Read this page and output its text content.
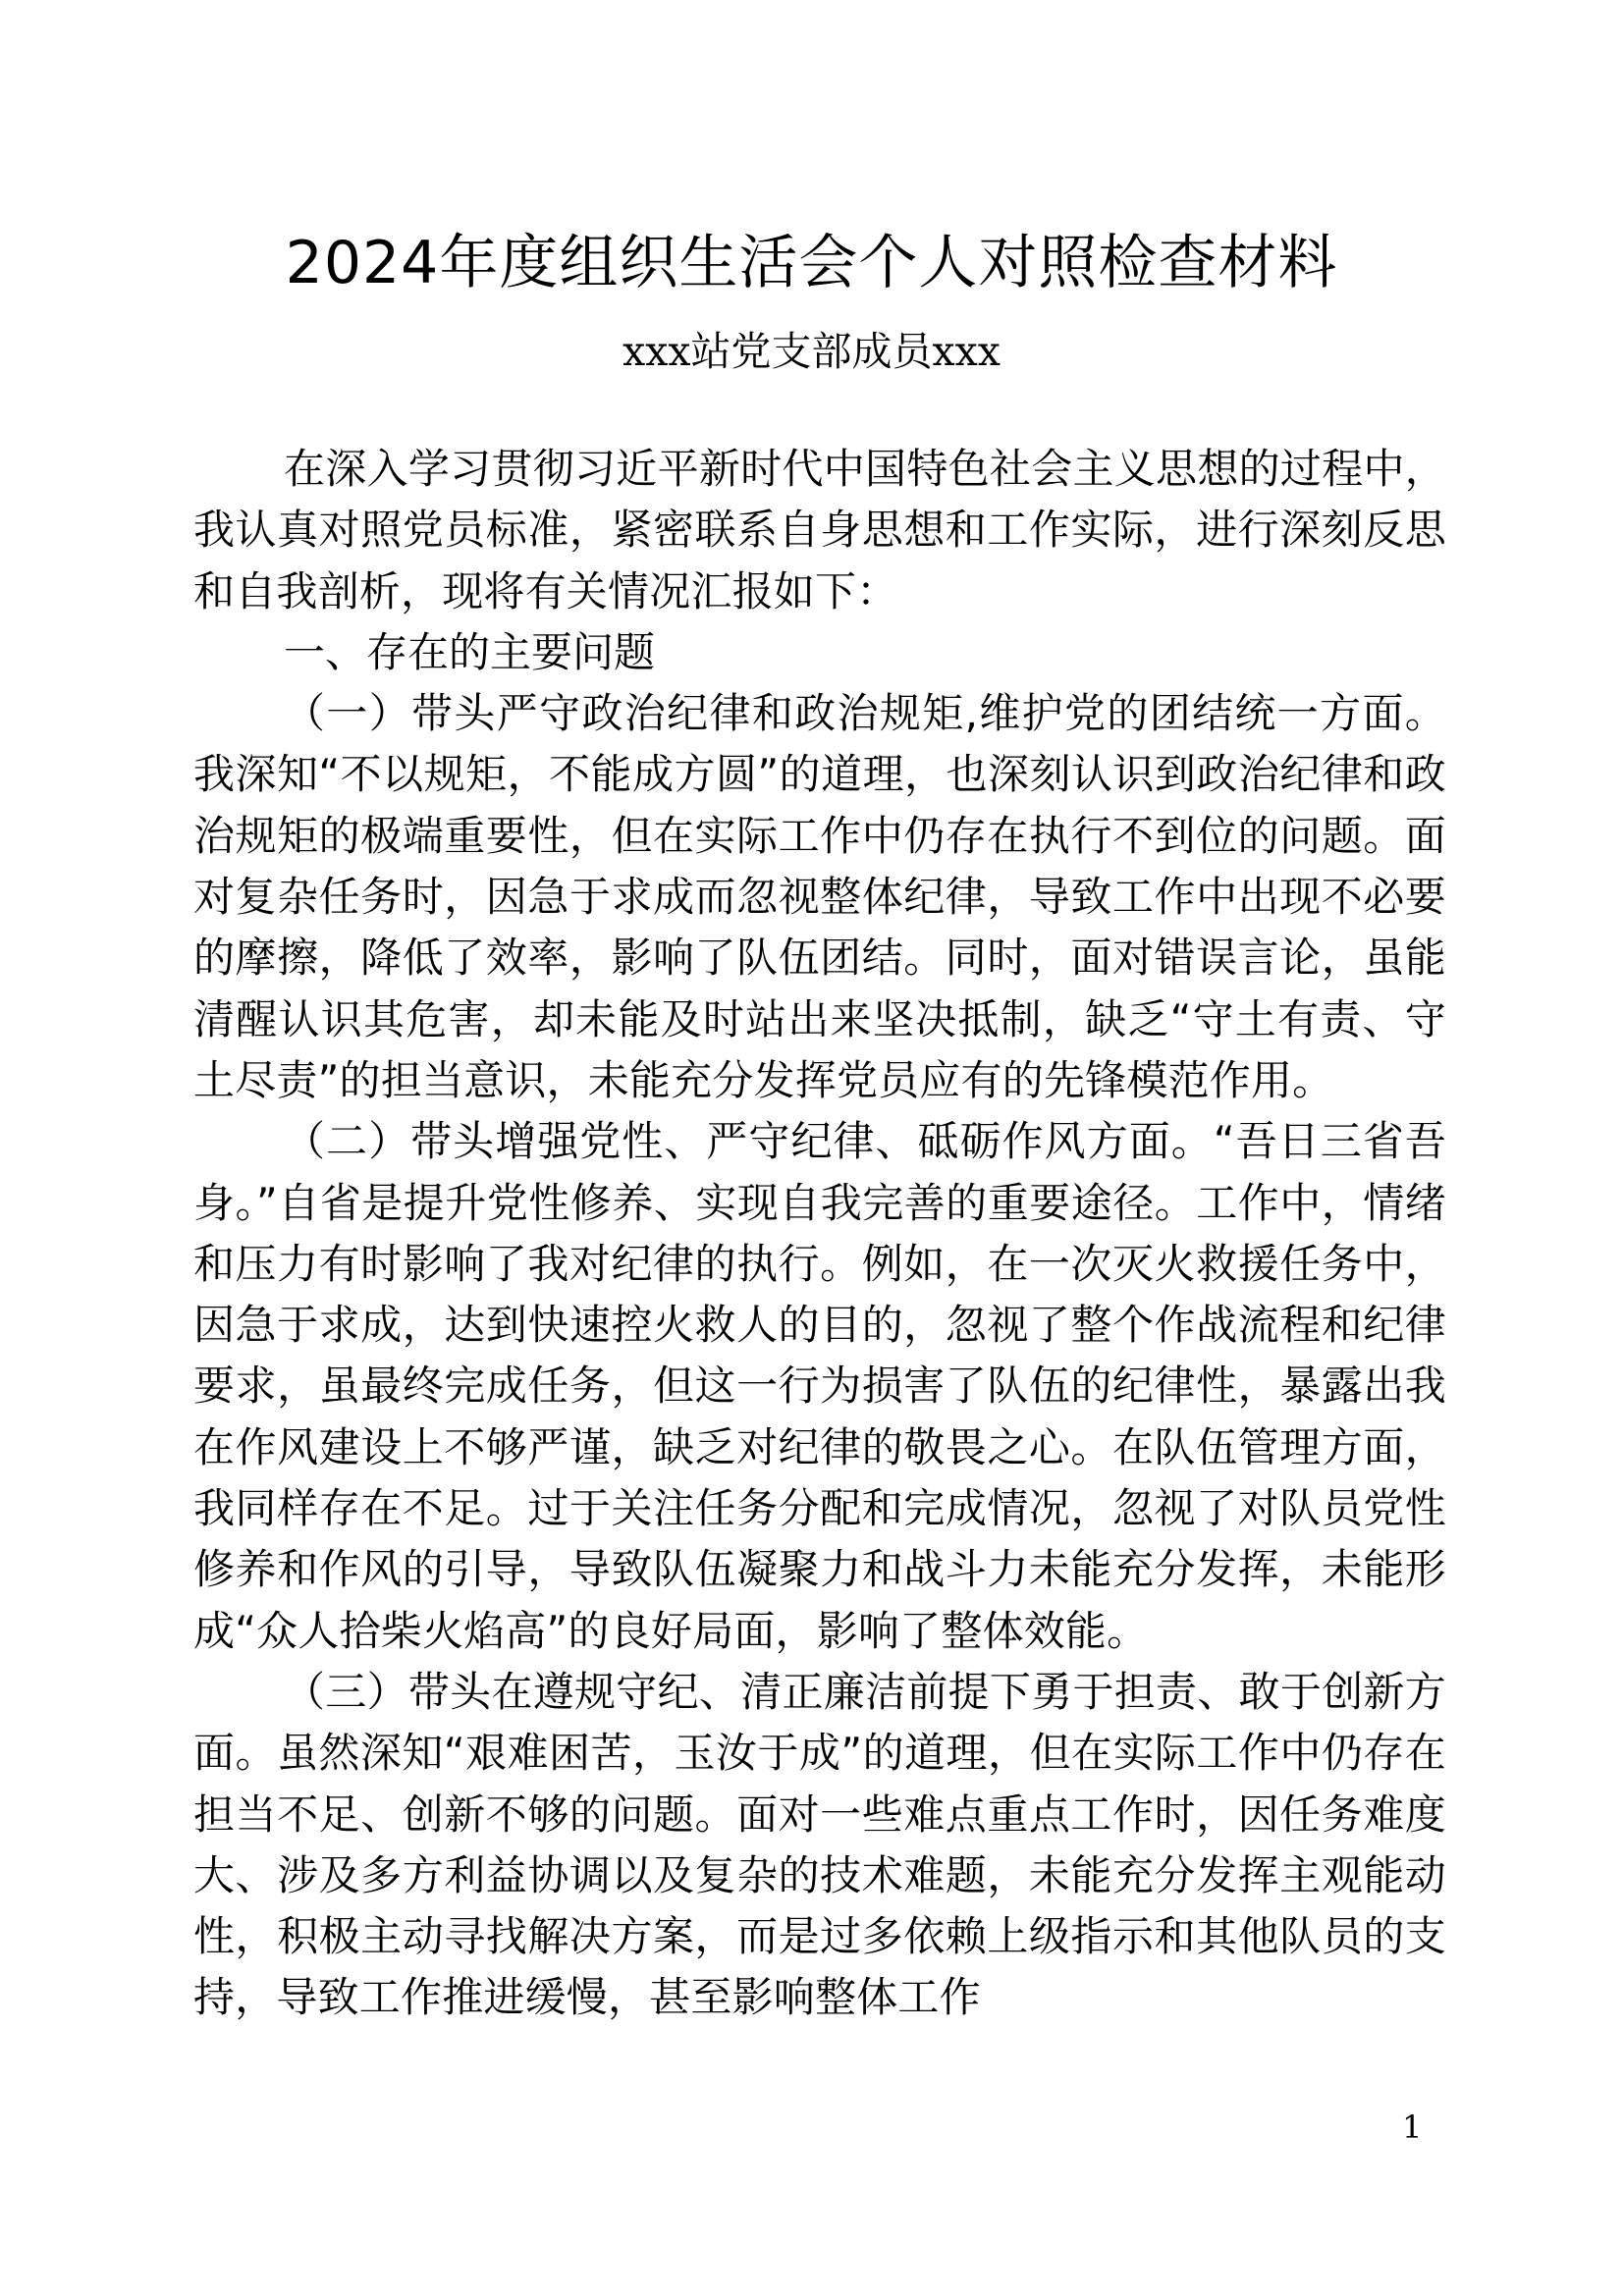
2024年度组织生活会个人对照检查材料
xxx站党支部成员xxx

在深入学习贯彻习近平新时代中国特色社会主义思想的过程中，我认真对照党员标准，紧密联系自身思想和工作实际，进行深刻反思和自我剖析，现将有关情况汇报如下：

一、存在的主要问题

（一）带头严守政治纪律和政治规矩,维护党的团结统一方面。我深知“不以规矩，不能成方圆”的道理，也深刻认识到政治纪律和政治规矩的极端重要性，但在实际工作中仍存在执行不到位的问题。面对复杂任务时，因急于求成而忽视整体纪律，导致工作中出现不必要的摩擦，降低了效率，影响了队伍团结。同时，面对错误言论，虽能清醒认识其危害，却未能及时站出来坚决抵制，缺乏“守土有责、守土尽责”的担当意识，未能充分发挥党员应有的先锋模范作用。

（二）带头增强党性、严守纪律、砥砺作风方面。“吾日三省吾身。”自省是提升党性修养、实现自我完善的重要途径。工作中，情绪和压力有时影响了我对纪律的执行。例如，在一次灭火救援任务中，因急于求成，达到快速控火救人的目的，忽视了整个作战流程和纪律要求，虽最终完成任务，但这一行为损害了队伍的纪律性，暴露出我在作风建设上不够严谨，缺乏对纪律的敬畏之心。在队伍管理方面，我同样存在不足。过于关注任务分配和完成情况，忽视了对队员党性修养和作风的引导，导致队伍凝聚力和战斗力未能充分发挥，未能形成“众人拾柴火焰高”的良好局面，影响了整体效能。

（三）带头在遵规守纪、清正廉洁前提下勇于担责、敢于创新方面。虽然深知“艰难困苦，玉汝于成”的道理，但在实际工作中仍存在担当不足、创新不够的问题。面对一些难点重点工作时，因任务难度大、涉及多方利益协调以及复杂的技术难题，未能充分发挥主观能动性，积极主动寻找解决方案，而是过多依赖上级指示和其他队员的支持，导致工作推进缓慢，甚至影响整体工作

1
